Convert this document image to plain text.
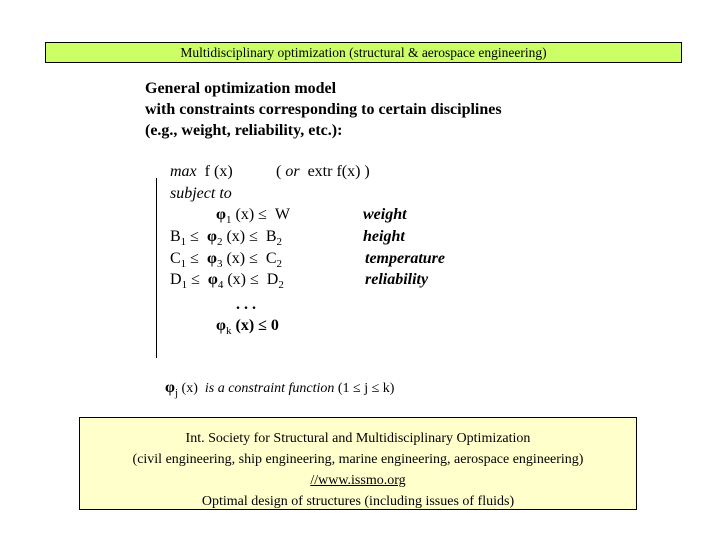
Multidisciplinary optimization (structural & aerospace engineering)
General optimization model
with constraints corresponding to certain disciplines
(e.g., weight, reliability, etc.):
max f (x)	( or extr f(x) )
subject to
$\varphi_1$ (x) ≤ W	weight
$B_1 \le \varphi_2$ $(x) \le B_2$	height
$C_1 \le \varphi_3$ $(x) \le C_2$	temperature
$D_1 \le \varphi_4$ $(x) \le D_2$	reliability
...
$\varphi_k$ (x) ≤ 0
$\varphi_j$ (x) is a constraint function (1 ≤ j ≤ k)
Int. Society for Structural and Multidisciplinary Optimization
(civil engineering, ship engineering, marine engineering, aerospace engineering)
//www.issmo.org
Optimal design of structures (including issues of fluids)
